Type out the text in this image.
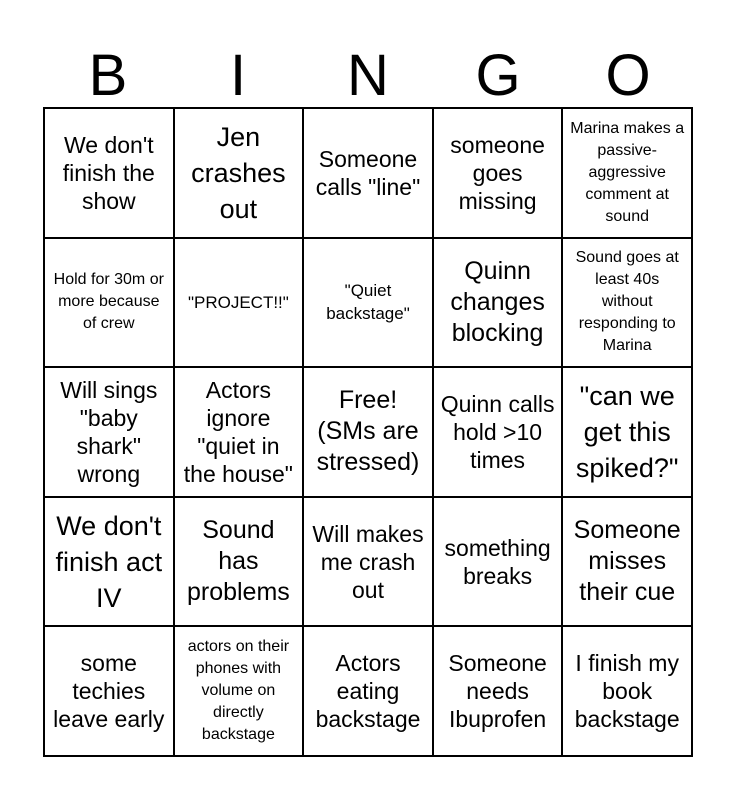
B	I	N	G	O
We don't finish the show
Jen crashes out
Someone calls "line"
someone goes missing
Marina makes a passive-aggressive comment at sound
Hold for 30m or more because of crew
"PROJECT!!"
"Quiet backstage"
Quinn changes blocking
Sound goes at least 40s without responding to Marina
Will sings "baby shark" wrong
Actors ignore "quiet in the house"
Free! (SMs are stressed)
Quinn calls hold >10 times
"can we get this spiked?"
We don't finish act IV
Sound has problems
Will makes me crash out
something breaks
Someone misses their cue
some techies leave early
actors on their phones with volume on directly backstage
Actors eating backstage
Someone needs Ibuprofen
I finish my book backstage
